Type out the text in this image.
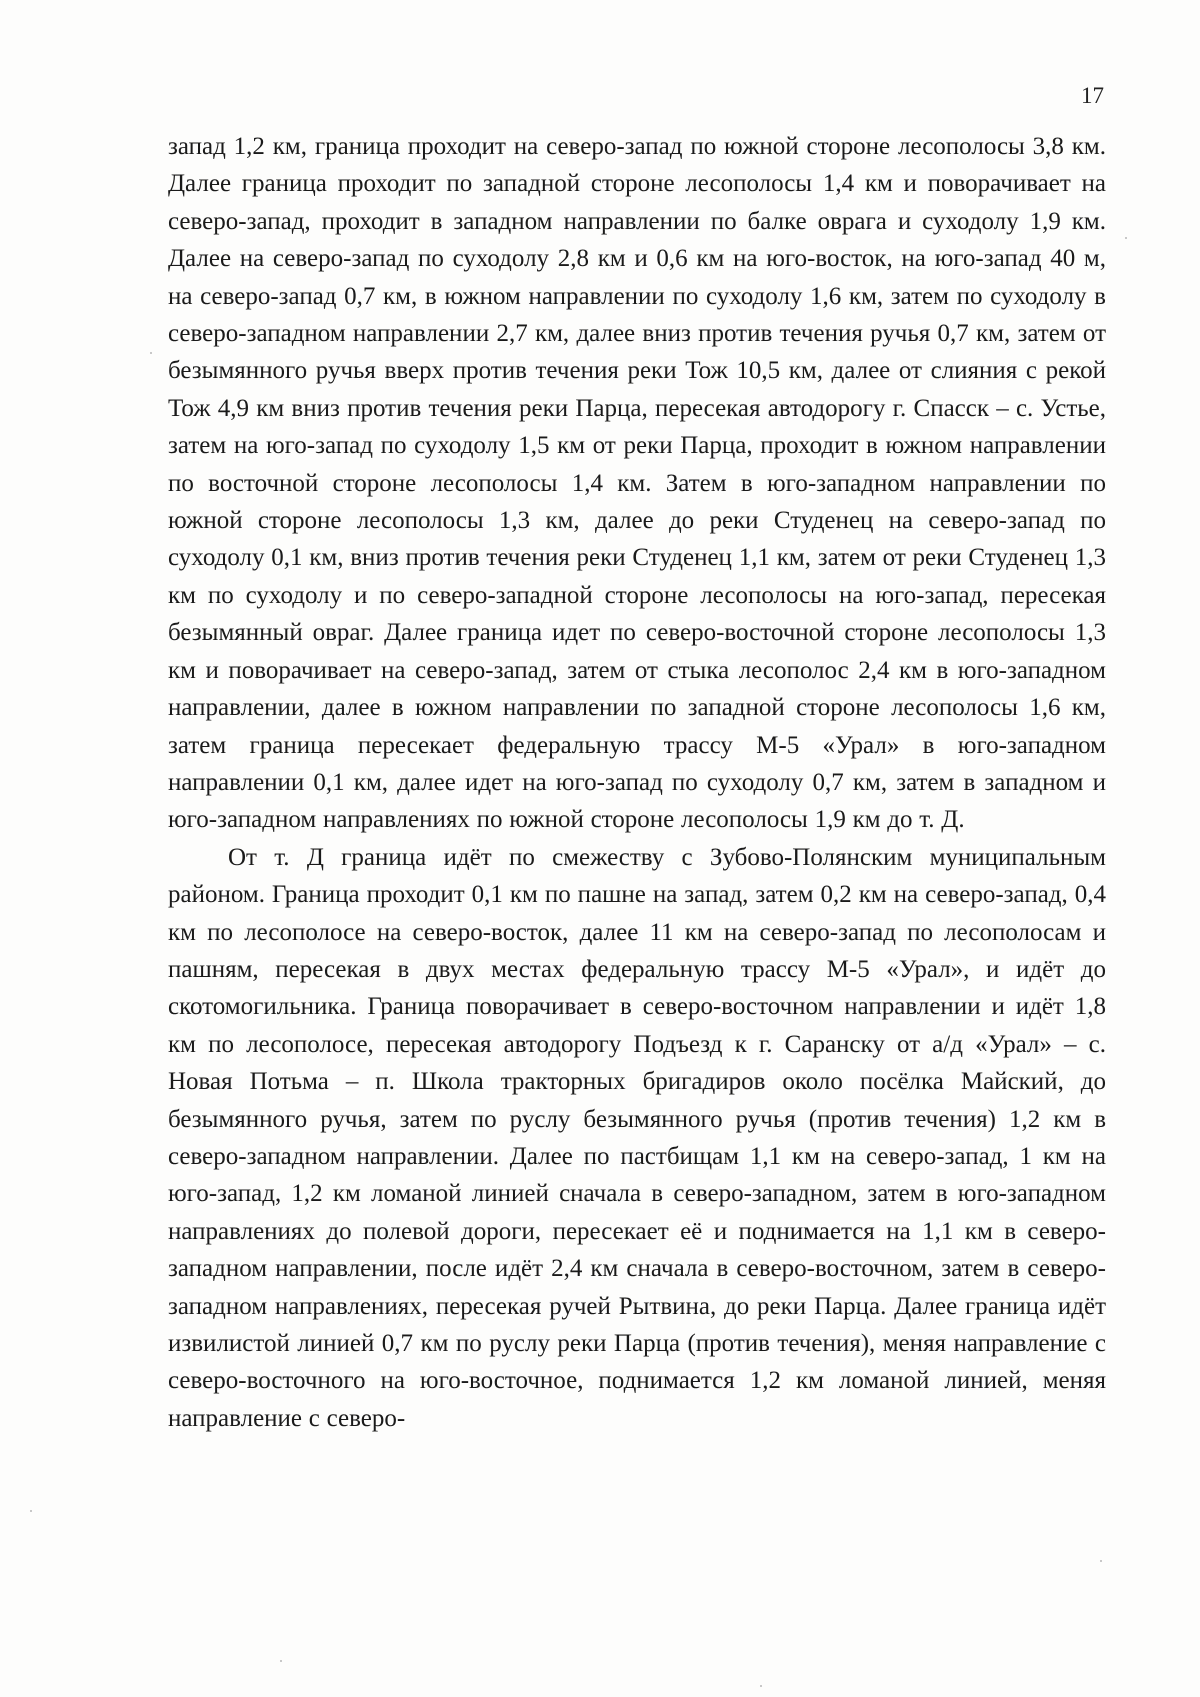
17

запад 1,2 км, граница проходит на северо-запад по южной стороне лесополосы 3,8 км. Далее граница проходит по западной стороне лесополосы 1,4 км и поворачивает на северо-запад, проходит в западном направлении по балке оврага и суходолу 1,9 км. Далее на северо-запад по суходолу 2,8 км и 0,6 км на юго-восток, на юго-запад 40 м, на северо-запад 0,7 км, в южном направлении по суходолу 1,6 км, затем по суходолу в северо-западном направлении 2,7 км, далее вниз против течения ручья 0,7 км, затем от безымянного ручья вверх против течения реки Тож 10,5 км, далее от слияния с рекой Тож 4,9 км вниз против течения реки Парца, пересекая автодорогу г. Спасск – с. Устье, затем на юго-запад по суходолу 1,5 км от реки Парца, проходит в южном направлении по восточной стороне лесополосы 1,4 км. Затем в юго-западном направлении по южной стороне лесополосы 1,3 км, далее до реки Студенец на северо-запад по суходолу 0,1 км, вниз против течения реки Студенец 1,1 км, затем от реки Студенец 1,3 км по суходолу и по северо-западной стороне лесополосы на юго-запад, пересекая безымянный овраг. Далее граница идет по северо-восточной стороне лесополосы 1,3 км и поворачивает на северо-запад, затем от стыка лесополос 2,4 км в юго-западном направлении, далее в южном направлении по западной стороне лесополосы 1,6 км, затем граница пересекает федеральную трассу М-5 «Урал» в юго-западном направлении 0,1 км, далее идет на юго-запад по суходолу 0,7 км, затем в западном и юго-западном направлениях по южной стороне лесополосы 1,9 км до т. Д.

От т. Д граница идёт по смежеству с Зубово-Полянским муниципальным районом. Граница проходит 0,1 км по пашне на запад, затем 0,2 км на северо-запад, 0,4 км по лесополосе на северо-восток, далее 11 км на северо-запад по лесополосам и пашням, пересекая в двух местах федеральную трассу М-5 «Урал», и идёт до скотомогильника. Граница поворачивает в северо-восточном направлении и идёт 1,8 км по лесополосе, пересекая автодорогу Подъезд к г. Саранску от а/д «Урал» – с. Новая Потьма – п. Школа тракторных бригадиров около посёлка Майский, до безымянного ручья, затем по руслу безымянного ручья (против течения) 1,2 км в северо-западном направлении. Далее по пастбищам 1,1 км на северо-запад, 1 км на юго-запад, 1,2 км ломаной линией сначала в северо-западном, затем в юго-западном направлениях до полевой дороги, пересекает её и поднимается на 1,1 км в северо-западном направлении, после идёт 2,4 км сначала в северо-восточном, затем в северо-западном направлениях, пересекая ручей Рытвина, до реки Парца. Далее граница идёт извилистой линией 0,7 км по руслу реки Парца (против течения), меняя направление с северо-восточного на юго-восточное, поднимается 1,2 км ломаной линией, меняя направление с северо-
